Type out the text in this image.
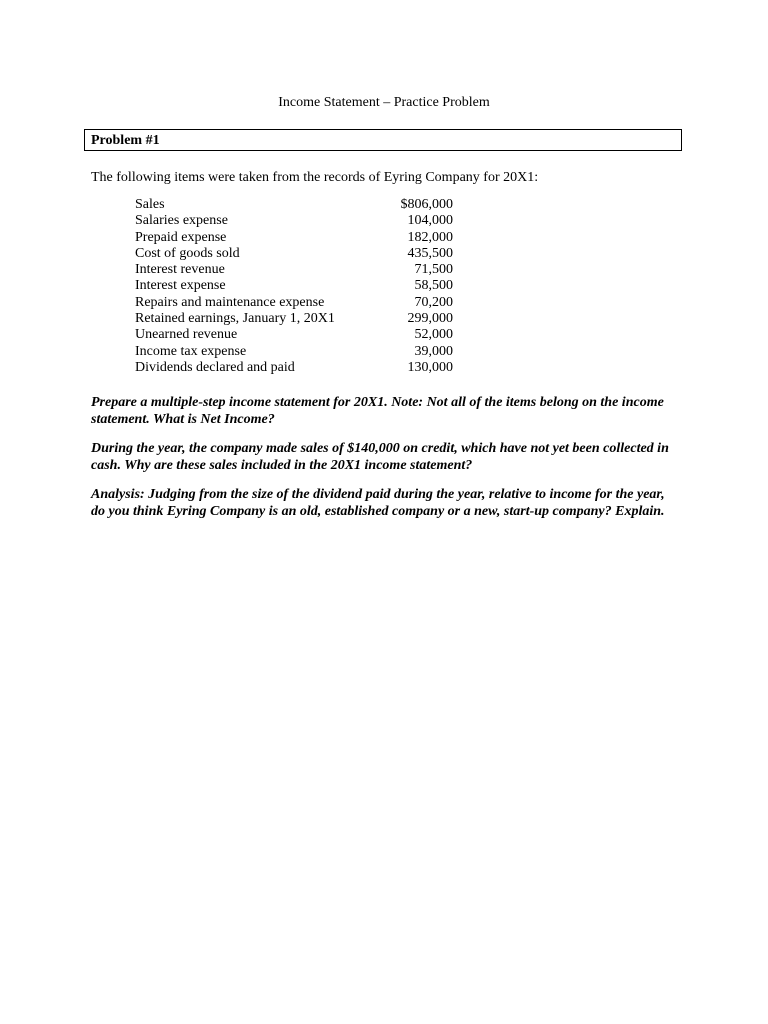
Income Statement – Practice Problem
Problem #1
The following items were taken from the records of Eyring Company for 20X1:
Sales	$806,000
Salaries expense	104,000
Prepaid expense	182,000
Cost of goods sold	435,500
Interest revenue	71,500
Interest expense	58,500
Repairs and maintenance expense	70,200
Retained earnings, January 1, 20X1	299,000
Unearned revenue	52,000
Income tax expense	39,000
Dividends declared and paid	130,000

Prepare a multiple-step income statement for 20X1. Note: Not all of the items belong on the income statement. What is Net Income?

During the year, the company made sales of $140,000 on credit, which have not yet been collected in cash. Why are these sales included in the 20X1 income statement?

Analysis: Judging from the size of the dividend paid during the year, relative to income for the year, do you think Eyring Company is an old, established company or a new, start-up company? Explain.
